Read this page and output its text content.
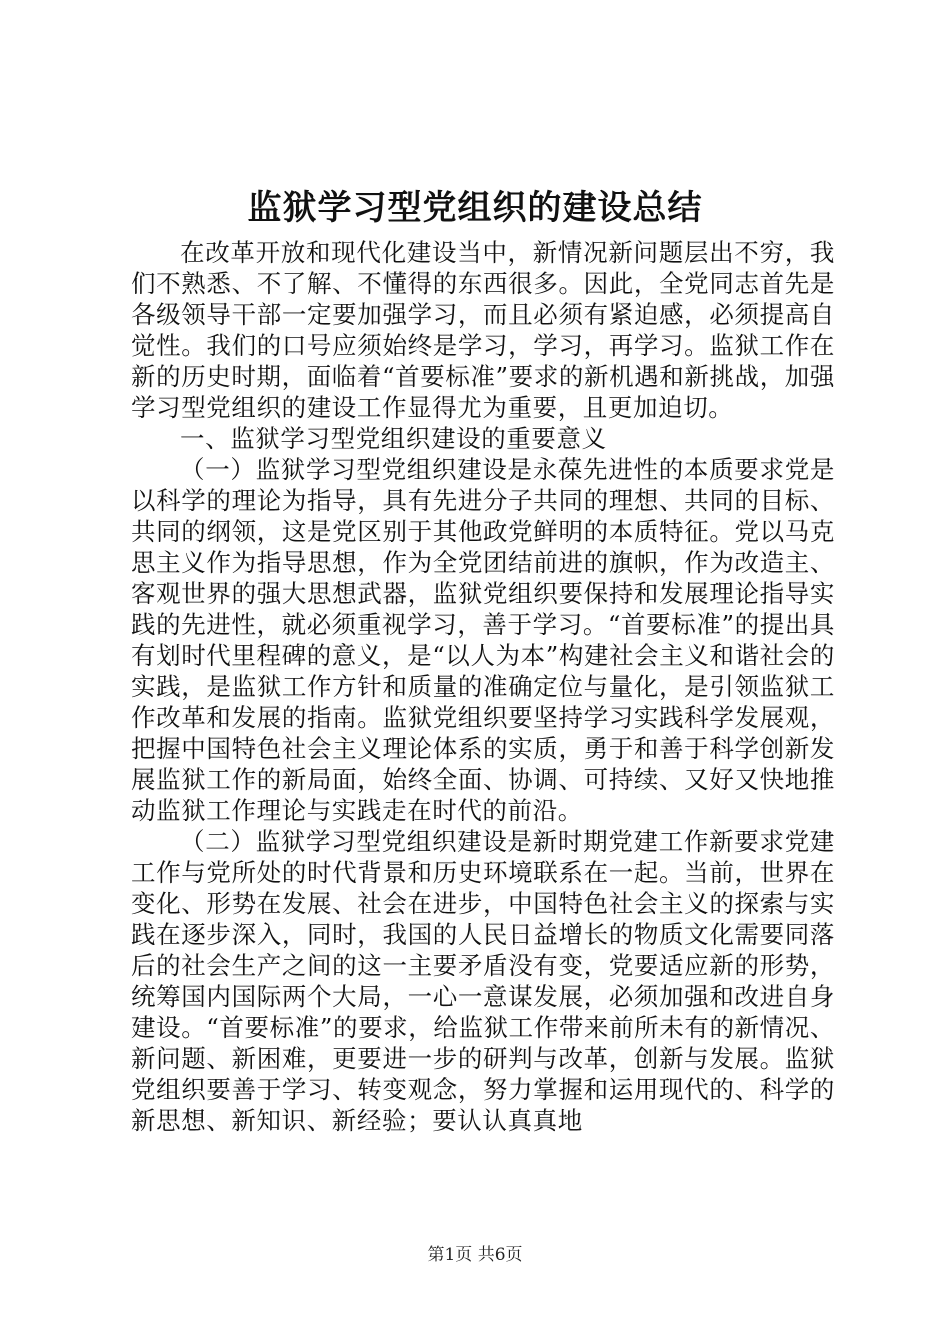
监狱学习型党组织的建设总结

在改革开放和现代化建设当中，新情况新问题层出不穷，我们不熟悉、不了解、不懂得的东西很多。因此，全党同志首先是各级领导干部一定要加强学习，而且必须有紧迫感，必须提高自觉性。我们的口号应须始终是学习，学习，再学习。监狱工作在新的历史时期，面临着“首要标准”要求的新机遇和新挑战，加强学习型党组织的建设工作显得尤为重要，且更加迫切。

一、监狱学习型党组织建设的重要意义

（一）监狱学习型党组织建设是永葆先进性的本质要求党是以科学的理论为指导，具有先进分子共同的理想、共同的目标、共同的纲领，这是党区别于其他政党鲜明的本质特征。党以马克思主义作为指导思想，作为全党团结前进的旗帜，作为改造主、客观世界的强大思想武器，监狱党组织要保持和发展理论指导实践的先进性，就必须重视学习，善于学习。“首要标准”的提出具有划时代里程碑的意义，是“以人为本”构建社会主义和谐社会的实践，是监狱工作方针和质量的准确定位与量化，是引领监狱工作改革和发展的指南。监狱党组织要坚持学习实践科学发展观，把握中国特色社会主义理论体系的实质，勇于和善于科学创新发展监狱工作的新局面，始终全面、协调、可持续、又好又快地推动监狱工作理论与实践走在时代的前沿。

（二）监狱学习型党组织建设是新时期党建工作新要求党建工作与党所处的时代背景和历史环境联系在一起。当前，世界在变化、形势在发展、社会在进步，中国特色社会主义的探索与实践在逐步深入，同时，我国的人民日益增长的物质文化需要同落后的社会生产之间的这一主要矛盾没有变，党要适应新的形势，统筹国内国际两个大局，一心一意谋发展，必须加强和改进自身建设。“首要标准”的要求，给监狱工作带来前所未有的新情况、新问题、新困难，更要进一步的研判与改革，创新与发展。监狱党组织要善于学习、转变观念，努力掌握和运用现代的、科学的新思想、新知识、新经验；要认认真真地

第1页 共6页
